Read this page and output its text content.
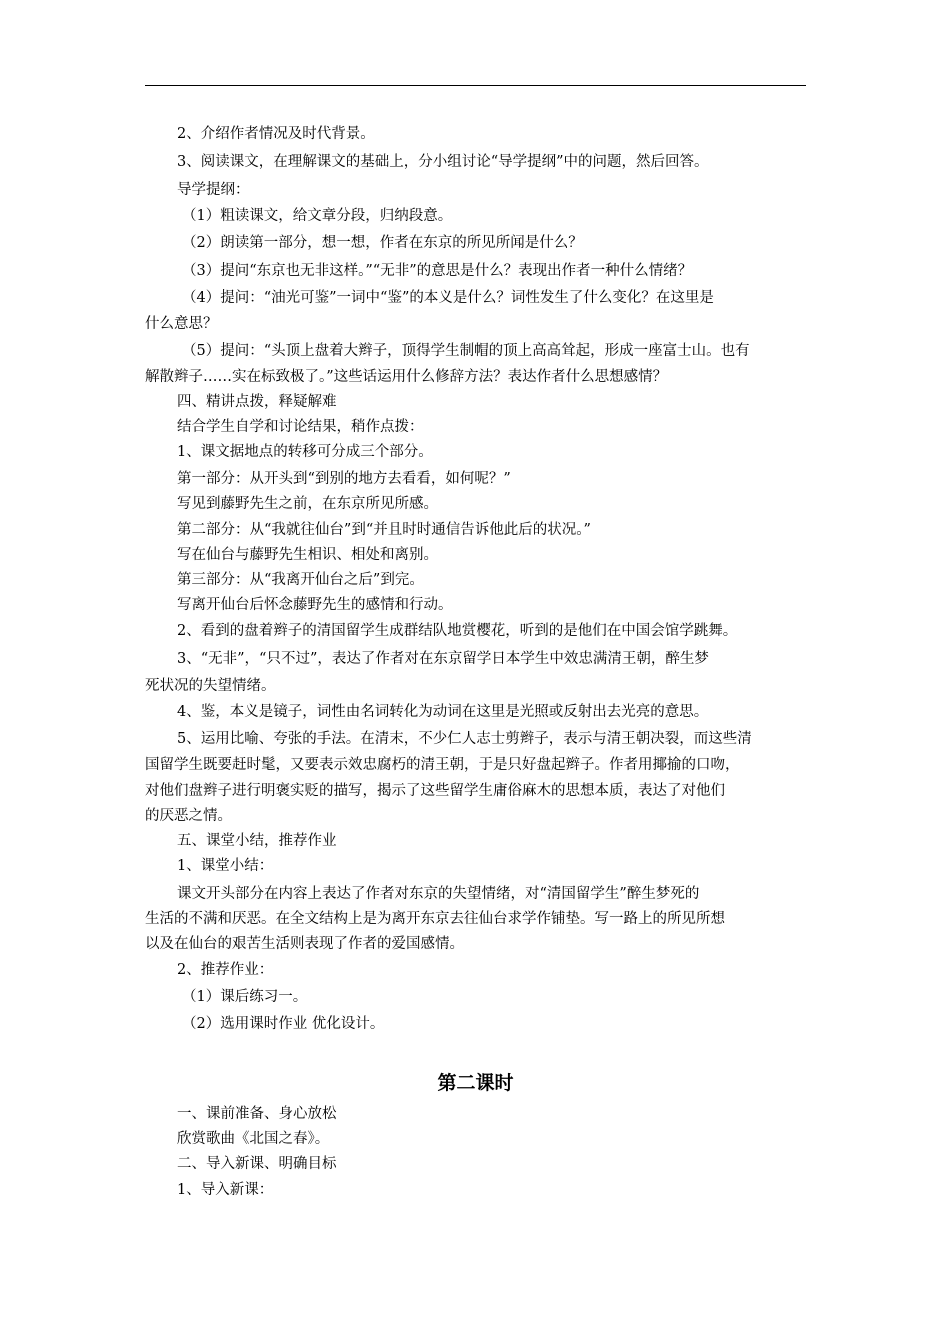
2、介绍作者情况及时代背景。
3、阅读课文，在理解课文的基础上，分小组讨论“导学提纲”中的问题，然后回答。
导学提纲：
（1）粗读课文，给文章分段，归纳段意。
（2）朗读第一部分，想一想，作者在东京的所见所闻是什么？
（3）提问“东京也无非这样。”“无非”的意思是什么？表现出作者一种什么情绪？
（4）提问：“油光可鉴”一词中“鉴”的本义是什么？词性发生了什么变化？在这里是
什么意思？
（5）提问：“头顶上盘着大辫子，顶得学生制帽的顶上高高耸起，形成一座富士山。也有
解散辫子……实在标致极了。”这些话运用什么修辞方法？表达作者什么思想感情？
四、精讲点拨，释疑解难
结合学生自学和讨论结果，稍作点拨：
1、课文据地点的转移可分成三个部分。
第一部分：从开头到“到别的地方去看看，如何呢？”
写见到藤野先生之前，在东京所见所感。
第二部分：从“我就往仙台”到“并且时时通信告诉他此后的状况。”
写在仙台与藤野先生相识、相处和离别。
第三部分：从“我离开仙台之后”到完。
写离开仙台后怀念藤野先生的感情和行动。
2、看到的盘着辫子的清国留学生成群结队地赏樱花，听到的是他们在中国会馆学跳舞。
3、“无非”，“只不过”，表达了作者对在东京留学日本学生中效忠满清王朝，醉生梦
死状况的失望情绪。
4、鉴，本义是镜子，词性由名词转化为动词在这里是光照或反射出去光亮的意思。
5、运用比喻、夸张的手法。在清末，不少仁人志士剪辫子，表示与清王朝决裂，而这些清
国留学生既要赶时髦，又要表示效忠腐朽的清王朝，于是只好盘起辫子。作者用揶揄的口吻，
对他们盘辫子进行明褒实贬的描写，揭示了这些留学生庸俗麻木的思想本质，表达了对他们
的厌恶之情。
五、课堂小结，推荐作业
1、课堂小结：
课文开头部分在内容上表达了作者对东京的失望情绪，对“清国留学生”醉生梦死的
生活的不满和厌恶。在全文结构上是为离开东京去往仙台求学作铺垫。写一路上的所见所想
以及在仙台的艰苦生活则表现了作者的爱国感情。
2、推荐作业：
（1）课后练习一。
（2）选用课时作业 优化设计。
第二课时
一、课前准备、身心放松
欣赏歌曲《北国之春》。
二、导入新课、明确目标
1、导入新课：
